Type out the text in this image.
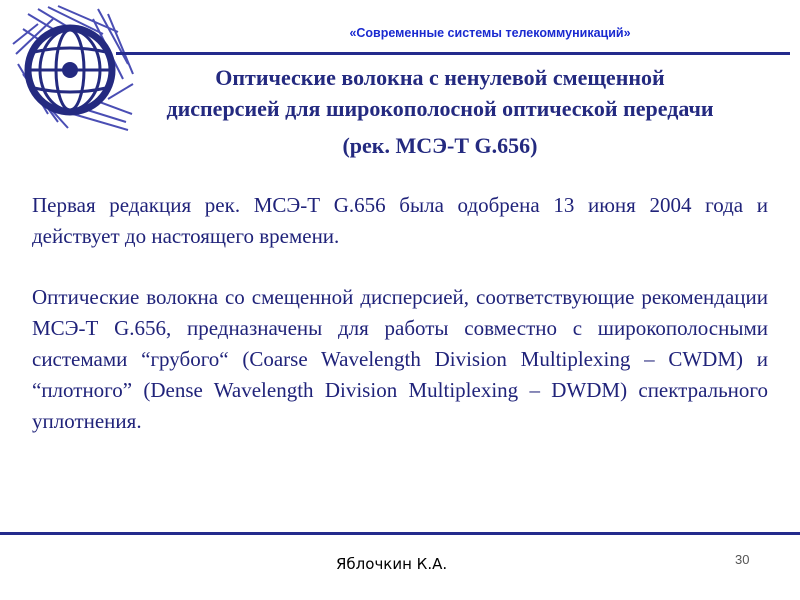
«Современные системы телекоммуникаций»
Оптические волокна с ненулевой смещенной
дисперсией для широкополосной оптической передачи
(рек. МСЭ-Т G.656)

Первая редакция рек. МСЭ-Т G.656 была одобрена 13 июня 2004 года и действует до настоящего времени.

Оптические волокна со смещенной дисперсией, соответствующие рекомендации МСЭ-Т G.656, предназначены для работы совместно с широкополосными системами “грубого“ (Coarse Wavelength Division Multiplexing – CWDM) и “плотного” (Dense Wavelength Division Multiplexing – DWDM) спектрального уплотнения.

Яблочкин К.А.	30
